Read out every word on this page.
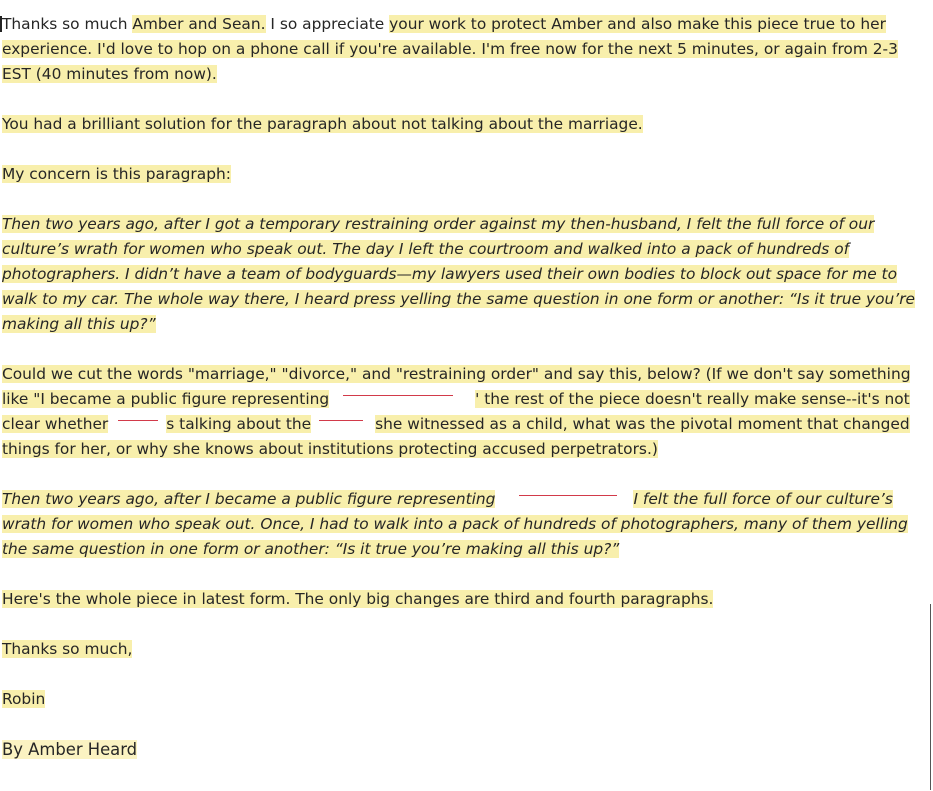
Thanks so much Amber and Sean. I so appreciate your work to protect Amber and also make this piece true to her experience. I'd love to hop on a phone call if you're available. I'm free now for the next 5 minutes, or again from 2-3 EST (40 minutes from now).

You had a brilliant solution for the paragraph about not talking about the marriage.

My concern is this paragraph:

Then two years ago, after I got a temporary restraining order against my then-husband, I felt the full force of our culture’s wrath for women who speak out. The day I left the courtroom and walked into a pack of hundreds of photographers. I didn’t have a team of bodyguards—my lawyers used their own bodies to block out space for me to walk to my car. The whole way there, I heard press yelling the same question in one form or another: “Is it true you’re making all this up?”

Could we cut the words "marriage," "divorce," and "restraining order" and say this, below? (If we don't say something like "I became a public figure representing	' the rest of the piece doesn't really make sense--it's not clear whether	s talking about the	she witnessed as a child, what was the pivotal moment that changed things for her, or why she knows about institutions protecting accused perpetrators.)

Then two years ago, after I became a public figure representing	I felt the full force of our culture’s wrath for women who speak out. Once, I had to walk into a pack of hundreds of photographers, many of them yelling the same question in one form or another: “Is it true you’re making all this up?”

Here's the whole piece in latest form. The only big changes are third and fourth paragraphs.

Thanks so much,

Robin

By Amber Heard
